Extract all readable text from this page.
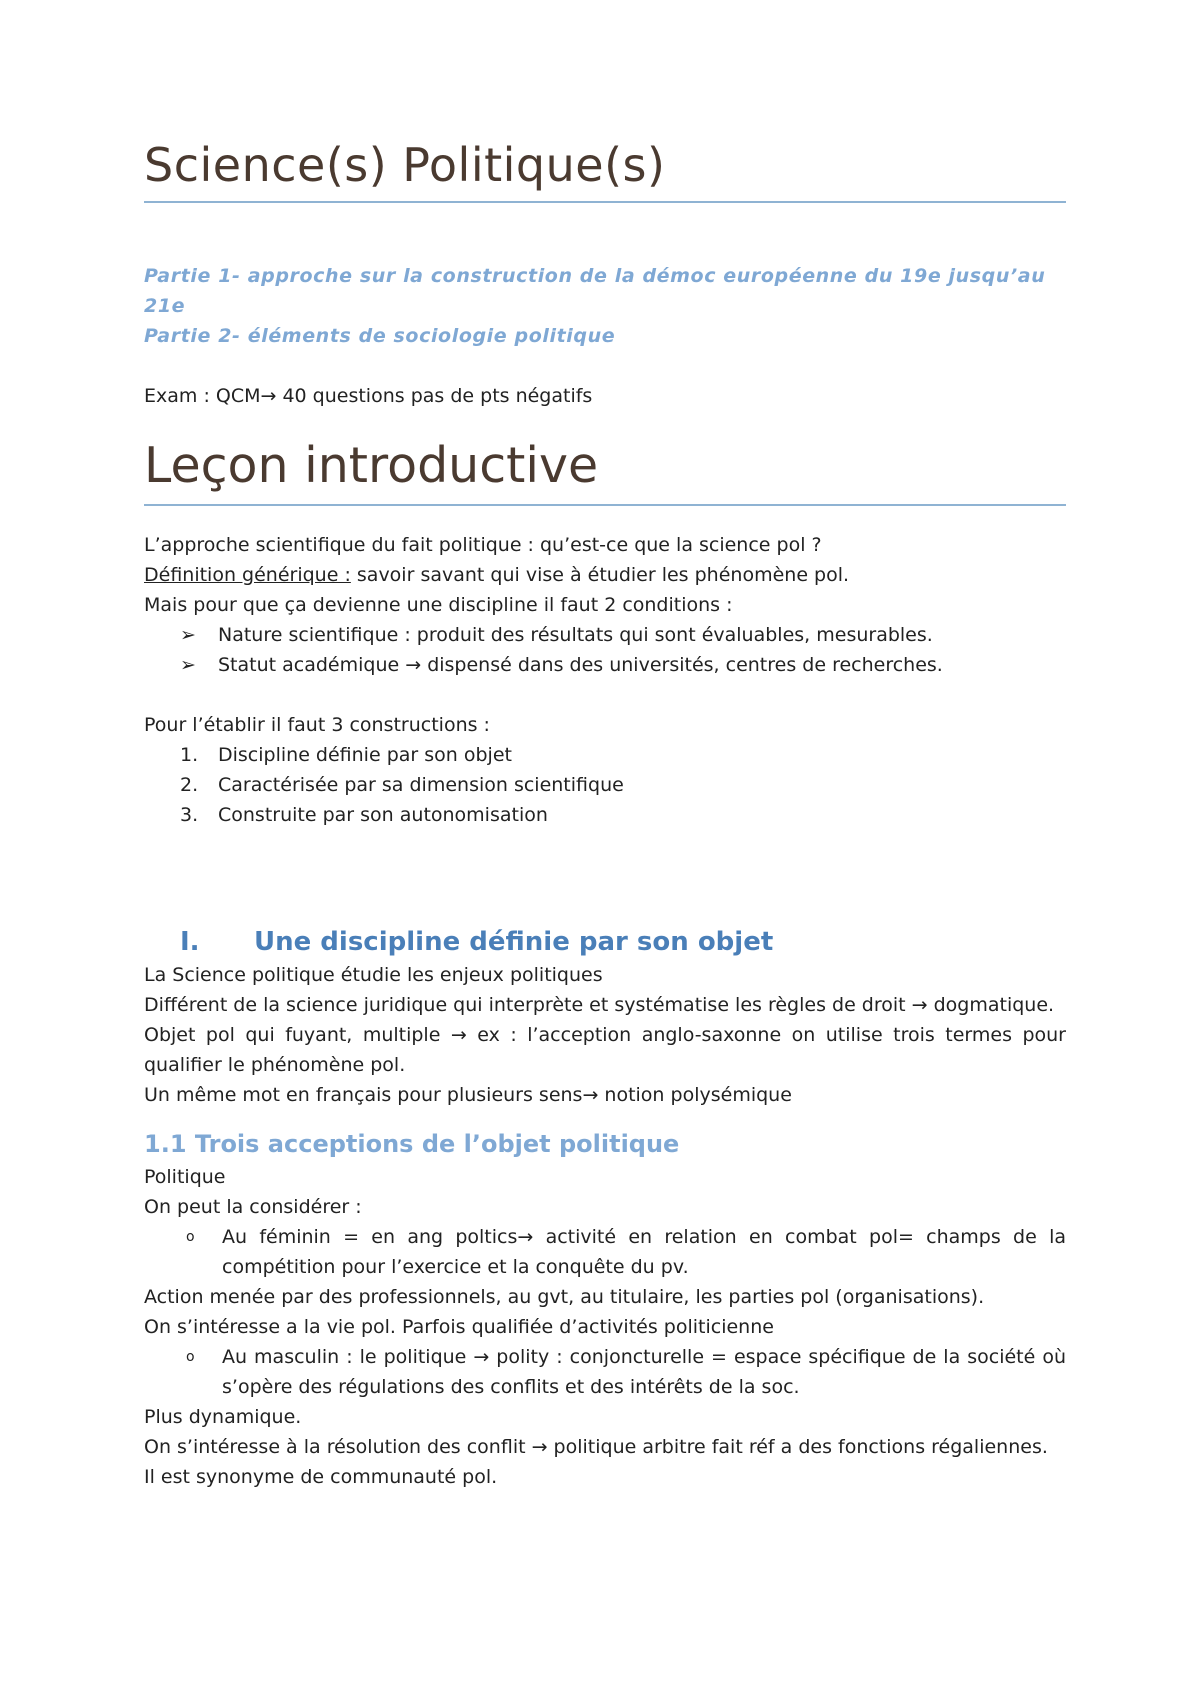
Science(s) Politique(s)
Partie 1- approche sur la construction de la démoc européenne du 19e jusqu’au 21e
Partie 2- éléments de sociologie politique

Exam : QCM→ 40 questions pas de pts négatifs

Leçon introductive

L’approche scientifique du fait politique : qu’est-ce que la science pol ?

Définition générique : savoir savant qui vise à étudier les phénomène pol.

Mais pour que ça devienne une discipline il faut 2 conditions :

➢ Nature scientifique : produit des résultats qui sont évaluables, mesurables.
➢ Statut académique → dispensé dans des universités, centres de recherches.

Pour l’établir il faut 3 constructions :

1. Discipline définie par son objet
2. Caractérisée par sa dimension scientifique
3. Construite par son autonomisation
I. Une discipline définie par son objet

La Science politique étudie les enjeux politiques

Différent de la science juridique qui interprète et systématise les règles de droit → dogmatique.

Objet pol qui fuyant, multiple → ex : l’acception anglo-saxonne on utilise trois termes pour qualifier le phénomène pol.

Un même mot en français pour plusieurs sens→ notion polysémique

1.1 Trois acceptions de l’objet politique

Politique

On peut la considérer :

o Au féminin = en ang poltics→ activité en relation en combat pol= champs de la compétition pour l’exercice et la conquête du pv.

Action menée par des professionnels, au gvt, au titulaire, les parties pol (organisations).

On s’intéresse a la vie pol. Parfois qualifiée d’activités politicienne

o Au masculin : le politique → polity : conjoncturelle = espace spécifique de la société où s’opère des régulations des conflits et des intérêts de la soc.

Plus dynamique.

On s’intéresse à la résolution des conflit → politique arbitre fait réf a des fonctions régaliennes.

Il est synonyme de communauté pol.
